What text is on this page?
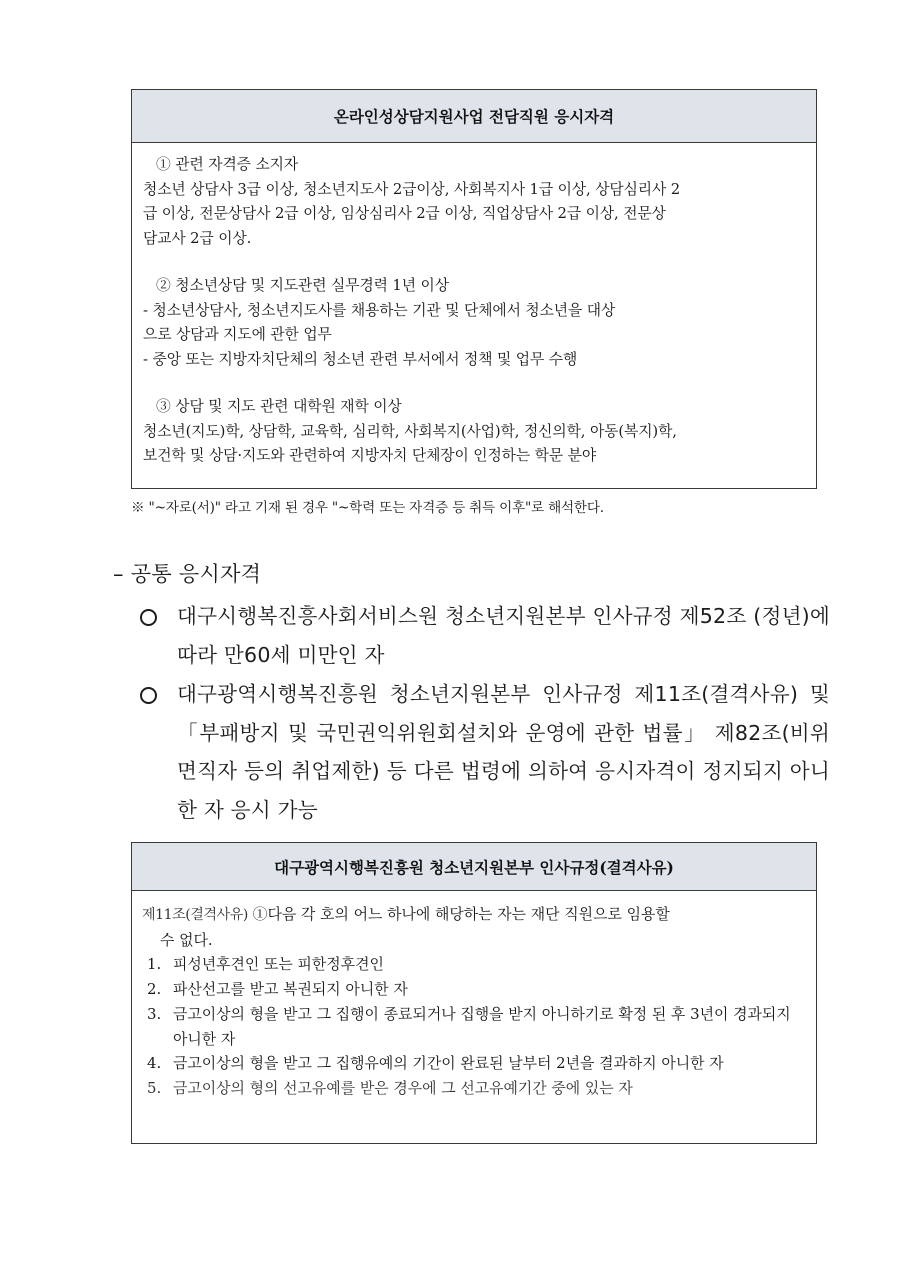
온라인성상담지원사업 전담직원 응시자격
① 관련 자격증 소지자
청소년 상담사 3급 이상, 청소년지도사 2급이상, 사회복지사 1급 이상, 상담심리사 2
급 이상, 전문상담사 2급 이상, 임상심리사 2급 이상, 직업상담사 2급 이상, 전문상
담교사 2급 이상.
② 청소년상담 및 지도관련 실무경력 1년 이상
- 청소년상담사, 청소년지도사를 채용하는 기관 및 단체에서 청소년을 대상
으로 상담과 지도에 관한 업무
- 중앙 또는 지방자치단체의 청소년 관련 부서에서 정책 및 업무 수행
③ 상담 및 지도 관련 대학원 재학 이상
청소년(지도)학, 상담학, 교육학, 심리학, 사회복지(사업)학, 정신의학, 아동(복지)학,
보건학 및 상담·지도와 관련하여 지방자치 단체장이 인정하는 학문 분야
※ "~자로(서)" 라고 기재 된 경우 "~학력 또는 자격증 등 취득 이후"로 해석한다.
– 공통 응시자격
대구시행복진흥사회서비스원 청소년지원본부 인사규정 제52조 (정년)에 따라 만60세 미만인 자
대구광역시행복진흥원 청소년지원본부 인사규정 제11조(결격사유) 및 「부패방지 및 국민권익위원회설치와 운영에 관한 법률」 제82조(비위면직자 등의 취업제한) 등 다른 법령에 의하여 응시자격이 정지되지 아니한 자 응시 가능
대구광역시행복진흥원 청소년지원본부 인사규정(결격사유)
제11조(결격사유) ①다음 각 호의 어느 하나에 해당하는 자는 재단 직원으로 임용할
수 없다.
1. 피성년후견인 또는 피한정후견인
2. 파산선고를 받고 복권되지 아니한 자
3. 금고이상의 형을 받고 그 집행이 종료되거나 집행을 받지 아니하기로 확정 된 후 3년이 경과되지 아니한 자
4. 금고이상의 형을 받고 그 집행유예의 기간이 완료된 날부터 2년을 결과하지 아니한 자
5. 금고이상의 형의 선고유예를 받은 경우에 그 선고유예기간 중에 있는 자
